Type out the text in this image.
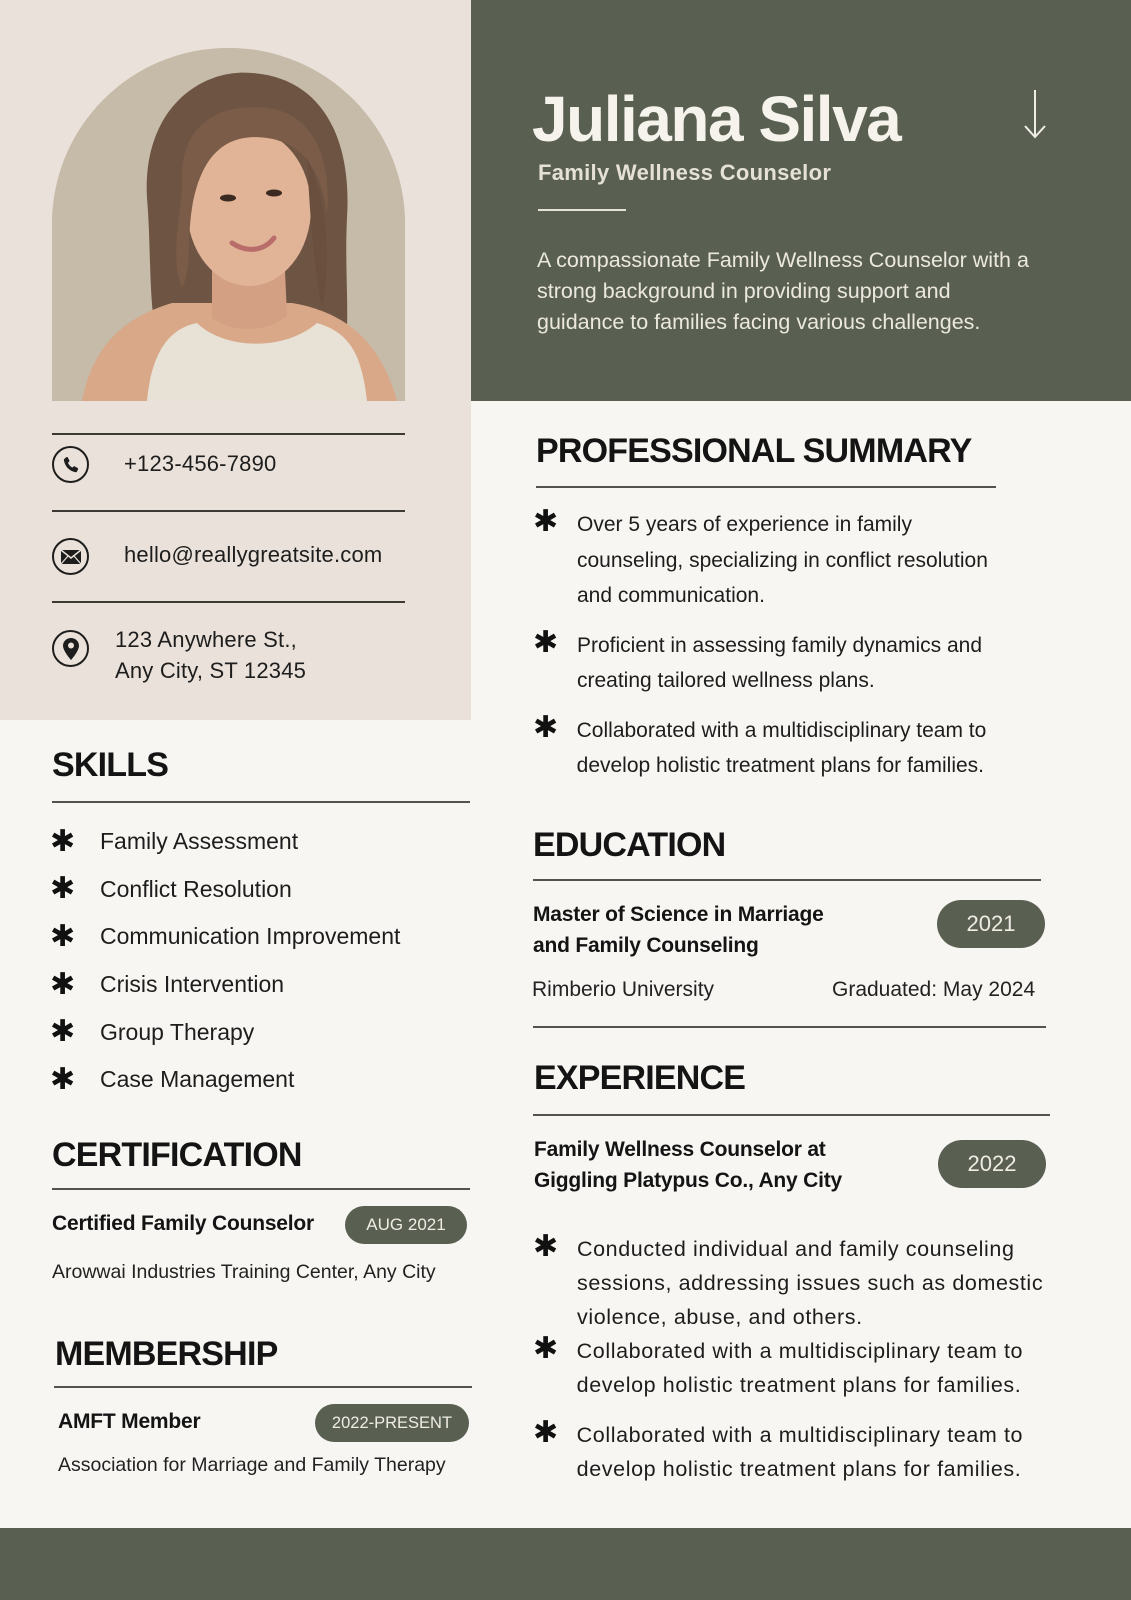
Juliana Silva
Family Wellness Counselor
A compassionate Family Wellness Counselor with a strong background in providing support and guidance to families facing various challenges.
+123-456-7890
hello@reallygreatsite.com
123 Anywhere St.,
Any City, ST 12345
SKILLS
✱	Family Assessment
✱	Conflict Resolution
✱	Communication Improvement
✱	Crisis Intervention
✱	Group Therapy
✱	Case Management
CERTIFICATION
Certified Family Counselor	AUG 2021
Arowwai Industries Training Center, Any City
MEMBERSHIP
AMFT Member	2022-PRESENT
Association for Marriage and Family Therapy
PROFESSIONAL SUMMARY
✱ Over 5 years of experience in family counseling, specializing in conflict resolution and communication.
✱ Proficient in assessing family dynamics and creating tailored wellness plans.
✱ Collaborated with a multidisciplinary team to develop holistic treatment plans for families.
EDUCATION
Master of Science in Marriage
and Family Counseling
2021
Rimberio University	Graduated: May 2024
EXPERIENCE
Family Wellness Counselor at
Giggling Platypus Co., Any City
2022
✱ Conducted individual and family counseling sessions, addressing issues such as domestic violence, abuse, and others.
✱ Collaborated with a multidisciplinary team to develop holistic treatment plans for families.
✱ Collaborated with a multidisciplinary team to develop holistic treatment plans for families.
